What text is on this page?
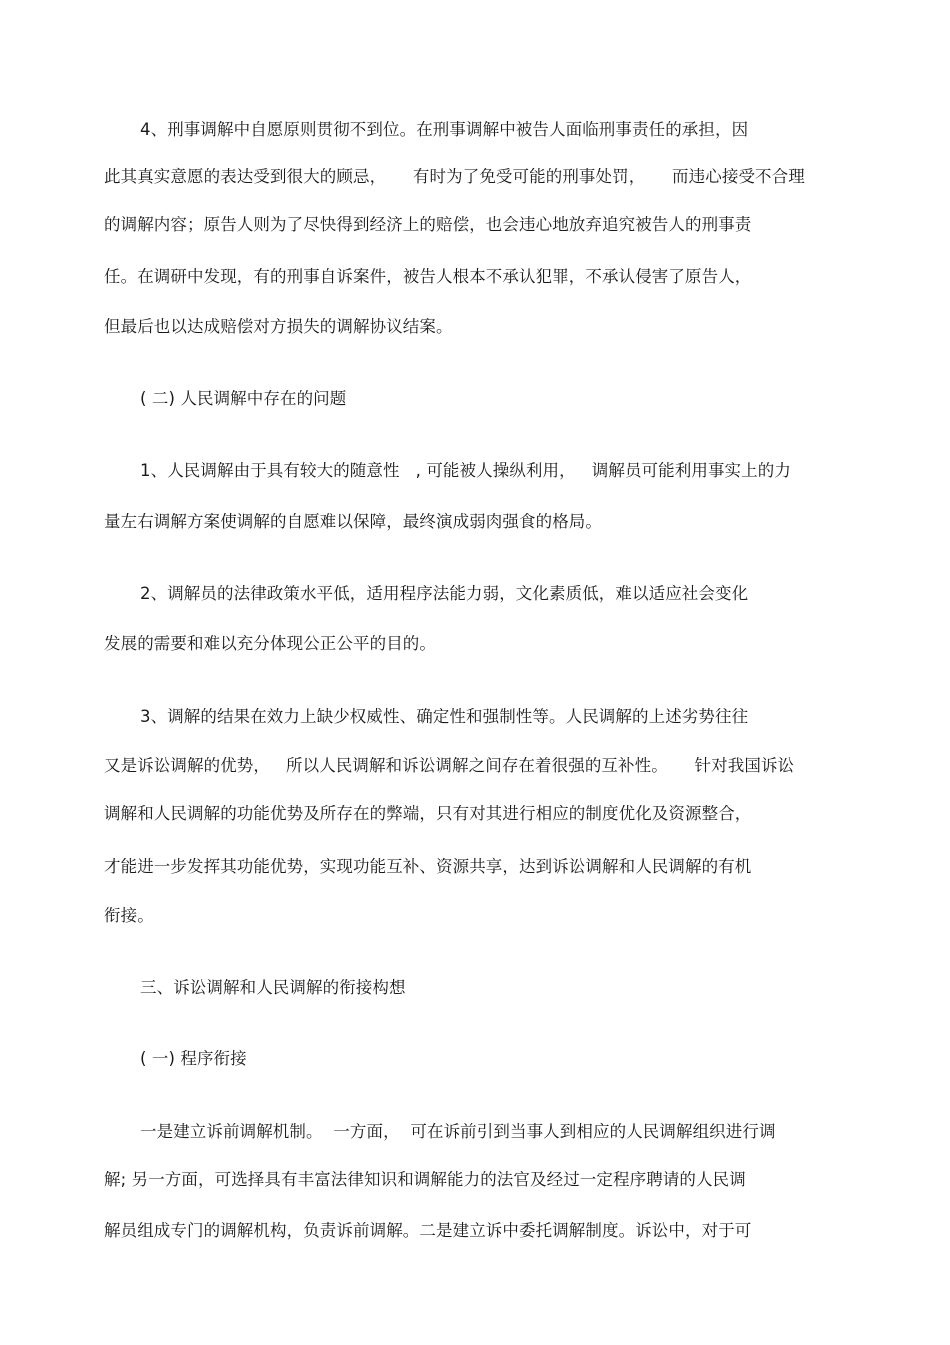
4、刑事调解中自愿原则贯彻不到位。在刑事调解中被告人面临刑事责任的承担，因
此其真实意愿的表达受到很大的顾忌，     有时为了免受可能的刑事处罚，     而违心接受不合理
的调解内容；原告人则为了尽快得到经济上的赔偿，也会违心地放弃追究被告人的刑事责
任。在调研中发现，有的刑事自诉案件，被告人根本不承认犯罪，不承认侵害了原告人，
但最后也以达成赔偿对方损失的调解协议结案。
( 二) 人民调解中存在的问题
1、人民调解由于具有较大的随意性   , 可能被人操纵利用，   调解员可能利用事实上的力
量左右调解方案使调解的自愿难以保障，最终演成弱肉强食的格局。
2、调解员的法律政策水平低，适用程序法能力弱，文化素质低，难以适应社会变化
发展的需要和难以充分体现公正公平的目的。
3、调解的结果在效力上缺少权威性、确定性和强制性等。人民调解的上述劣势往往
又是诉讼调解的优势，   所以人民调解和诉讼调解之间存在着很强的互补性。     针对我国诉讼
调解和人民调解的功能优势及所存在的弊端，只有对其进行相应的制度优化及资源整合，
才能进一步发挥其功能优势，实现功能互补、资源共享，达到诉讼调解和人民调解的有机
衔接。
三、诉讼调解和人民调解的衔接构想
( 一) 程序衔接
一是建立诉前调解机制。  一方面，  可在诉前引到当事人到相应的人民调解组织进行调
解; 另一方面，可选择具有丰富法律知识和调解能力的法官及经过一定程序聘请的人民调
解员组成专门的调解机构，负责诉前调解。二是建立诉中委托调解制度。诉讼中，对于可
